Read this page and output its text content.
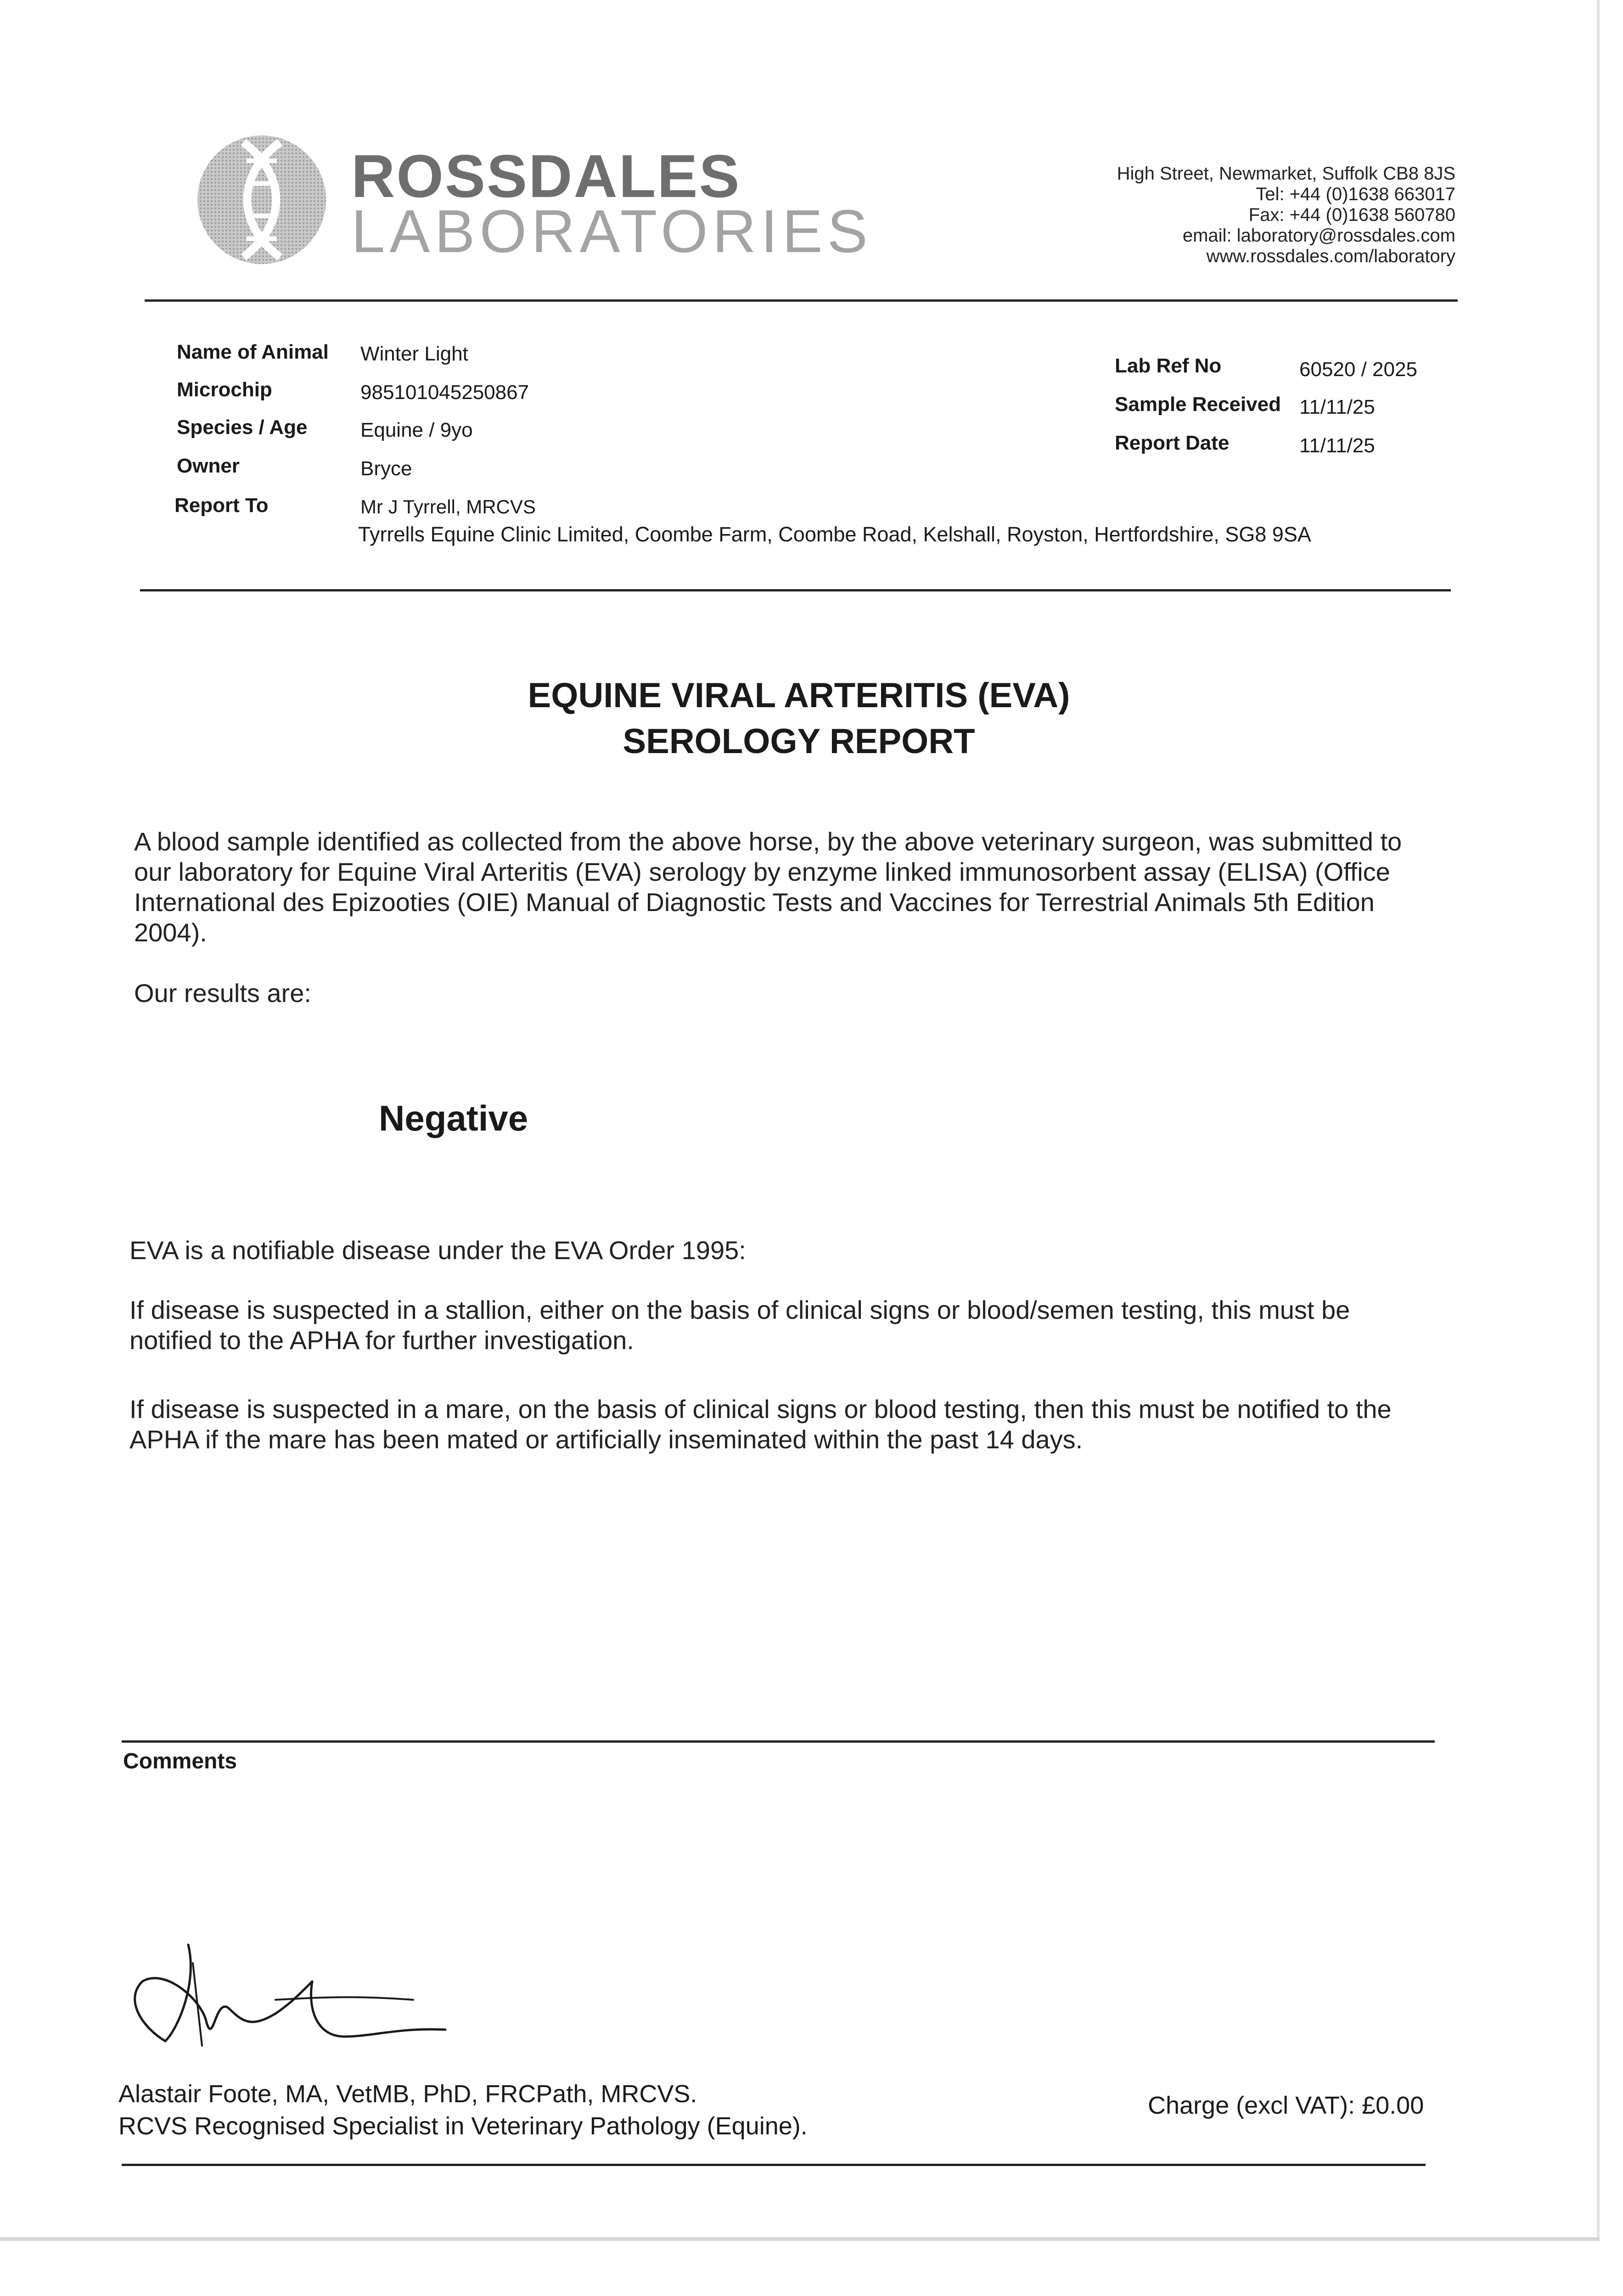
ROSSDALES
LABORATORIES
High Street, Newmarket, Suffolk CB8 8JS
Tel: +44 (0)1638 663017
Fax: +44 (0)1638 560780
email: laboratory@rossdales.com
www.rossdales.com/laboratory
Name of Animal Winter Light
Microchip	985101045250867
Species / Age	Equine / 9yo
Owner	Bryce
Report To	Mr J Tyrrell, MRCVS
Tyrrells Equine Clinic Limited, Coombe Farm, Coombe Road, Kelshall, Royston, Hertfordshire, SG8 9SA
Lab Ref No	60520 / 2025
Sample Received 11/11/25
Report Date	11/11/25
EQUINE VIRAL ARTERITIS (EVA)
SEROLOGY REPORT
A blood sample identified as collected from the above horse, by the above veterinary surgeon, was submitted to our laboratory for Equine Viral Arteritis (EVA) serology by enzyme linked immunosorbent assay (ELISA) (Office International des Epizooties (OIE) Manual of Diagnostic Tests and Vaccines for Terrestrial Animals 5th Edition 2004).
Our results are:
Negative
EVA is a notifiable disease under the EVA Order 1995:
If disease is suspected in a stallion, either on the basis of clinical signs or blood/semen testing, this must be notified to the APHA for further investigation.
If disease is suspected in a mare, on the basis of clinical signs or blood testing, then this must be notified to the APHA if the mare has been mated or artificially inseminated within the past 14 days.
Comments
Alastair Foote, MA, VetMB, PhD, FRCPath, MRCVS.
RCVS Recognised Specialist in Veterinary Pathology (Equine).
Charge (excl VAT): £0.00
